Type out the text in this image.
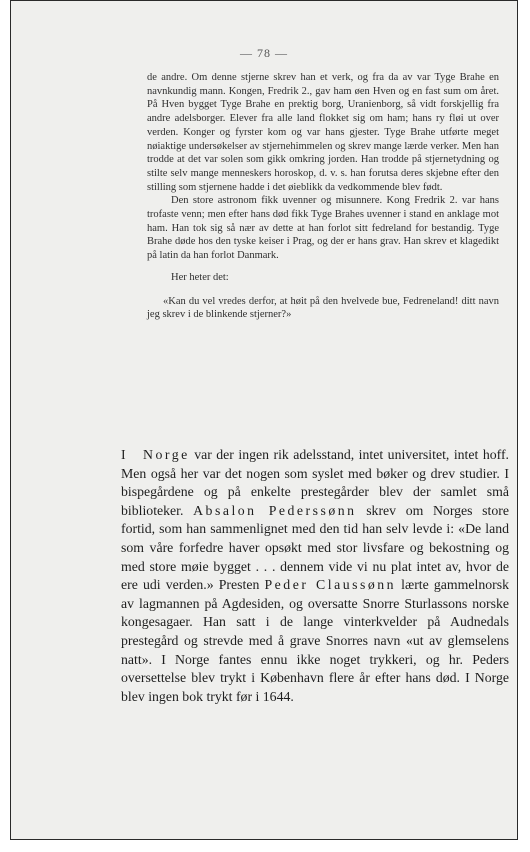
— 78 —

de andre. Om denne stjerne skrev han et verk, og fra da av var Tyge Brahe en navnkundig mann. Kongen, Fredrik 2., gav ham øen Hven og en fast sum om året. På Hven bygget Tyge Brahe en prektig borg, Uranienborg, så vidt forskjellig fra andre adelsborger. Elever fra alle land flokket sig om ham; hans ry fløi ut over verden. Konger og fyrster kom og var hans gjester. Tyge Brahe utførte meget nøiaktige undersøkelser av stjernehimmelen og skrev mange lærde verker. Men han trodde at det var solen som gikk omkring jorden. Han trodde på stjernetydning og stilte selv mange menneskers horoskop, d. v. s. han forutsa deres skjebne efter den stilling som stjernene hadde i det øieblikk da vedkommende blev født.

Den store astronom fikk uvenner og misunnere. Kong Fredrik 2. var hans trofaste venn; men efter hans død fikk Tyge Brahes uvenner i stand en anklage mot ham. Han tok sig så nær av dette at han forlot sitt fedreland for bestandig. Tyge Brahe døde hos den tyske keiser i Prag, og der er hans grav. Han skrev et klagedikt på latin da han forlot Danmark.

Her heter det:

«Kan du vel vredes derfor, at høit på den hvelvede bue, Fedreneland! ditt navn jeg skrev i de blinkende stjerner?»

I Norge var der ingen rik adelsstand, intet universitet, intet hoff. Men også her var det nogen som syslet med bøker og drev studier. I bispegårdene og på enkelte prestegårder blev der samlet små biblioteker. Absalon Pederssønn skrev om Norges store fortid, som han sammenlignet med den tid han selv levde i: «De land som våre forfedre haver opsøkt med stor livsfare og bekostning og med store møie bygget . . . dennem vide vi nu plat intet av, hvor de ere udi verden.» Presten Peder Claussønn lærte gammelnorsk av lagmannen på Agdesiden, og oversatte Snorre Sturlassons norske kongesagaer. Han satt i de lange vinterkvelder på Audnedals prestegård og strevde med å grave Snorres navn «ut av glemselens natt». I Norge fantes ennu ikke noget trykkeri, og hr. Peders oversettelse blev trykt i København flere år efter hans død. I Norge blev ingen bok trykt før i 1644.
